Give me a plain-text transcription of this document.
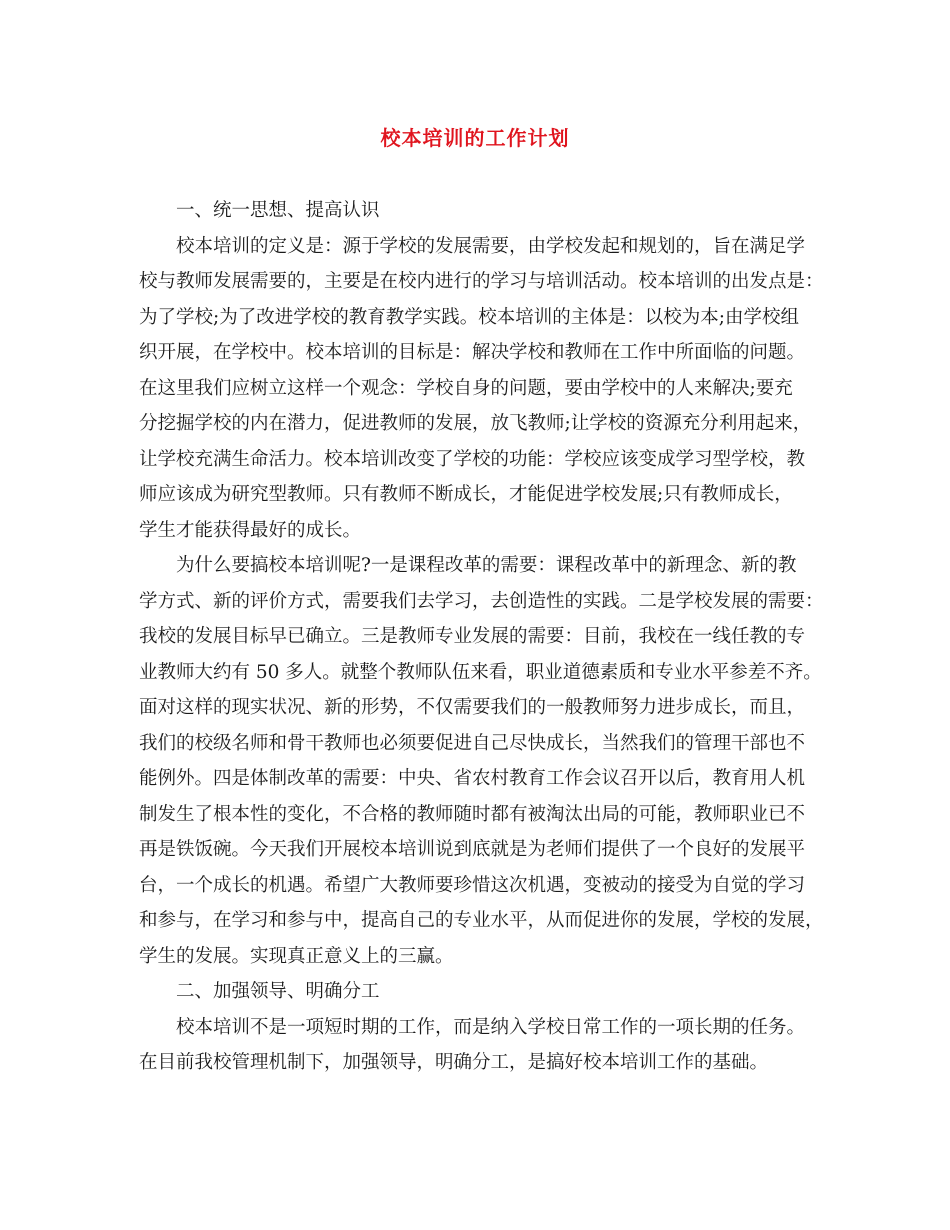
校本培训的工作计划
一、统一思想、提高认识
校本培训的定义是：源于学校的发展需要，由学校发起和规划的，旨在满足学
校与教师发展需要的，主要是在校内进行的学习与培训活动。校本培训的出发点是：
为了学校;为了改进学校的教育教学实践。校本培训的主体是：以校为本;由学校组
织开展，在学校中。校本培训的目标是：解决学校和教师在工作中所面临的问题。
在这里我们应树立这样一个观念：学校自身的问题，要由学校中的人来解决;要充
分挖掘学校的内在潜力，促进教师的发展，放飞教师;让学校的资源充分利用起来，
让学校充满生命活力。校本培训改变了学校的功能：学校应该变成学习型学校，教
师应该成为研究型教师。只有教师不断成长，才能促进学校发展;只有教师成长，
学生才能获得最好的成长。
为什么要搞校本培训呢?一是课程改革的需要：课程改革中的新理念、新的教
学方式、新的评价方式，需要我们去学习，去创造性的实践。二是学校发展的需要：
我校的发展目标早已确立。三是教师专业发展的需要：目前，我校在一线任教的专
业教师大约有 50 多人。就整个教师队伍来看，职业道德素质和专业水平参差不齐。
面对这样的现实状况、新的形势，不仅需要我们的一般教师努力进步成长，而且，
我们的校级名师和骨干教师也必须要促进自己尽快成长，当然我们的管理干部也不
能例外。四是体制改革的需要：中央、省农村教育工作会议召开以后，教育用人机
制发生了根本性的变化，不合格的教师随时都有被淘汰出局的可能，教师职业已不
再是铁饭碗。今天我们开展校本培训说到底就是为老师们提供了一个良好的发展平
台，一个成长的机遇。希望广大教师要珍惜这次机遇，变被动的接受为自觉的学习
和参与，在学习和参与中，提高自己的专业水平，从而促进你的发展，学校的发展，
学生的发展。实现真正意义上的三赢。
二、加强领导、明确分工
校本培训不是一项短时期的工作，而是纳入学校日常工作的一项长期的任务。
在目前我校管理机制下，加强领导，明确分工，是搞好校本培训工作的基础。
